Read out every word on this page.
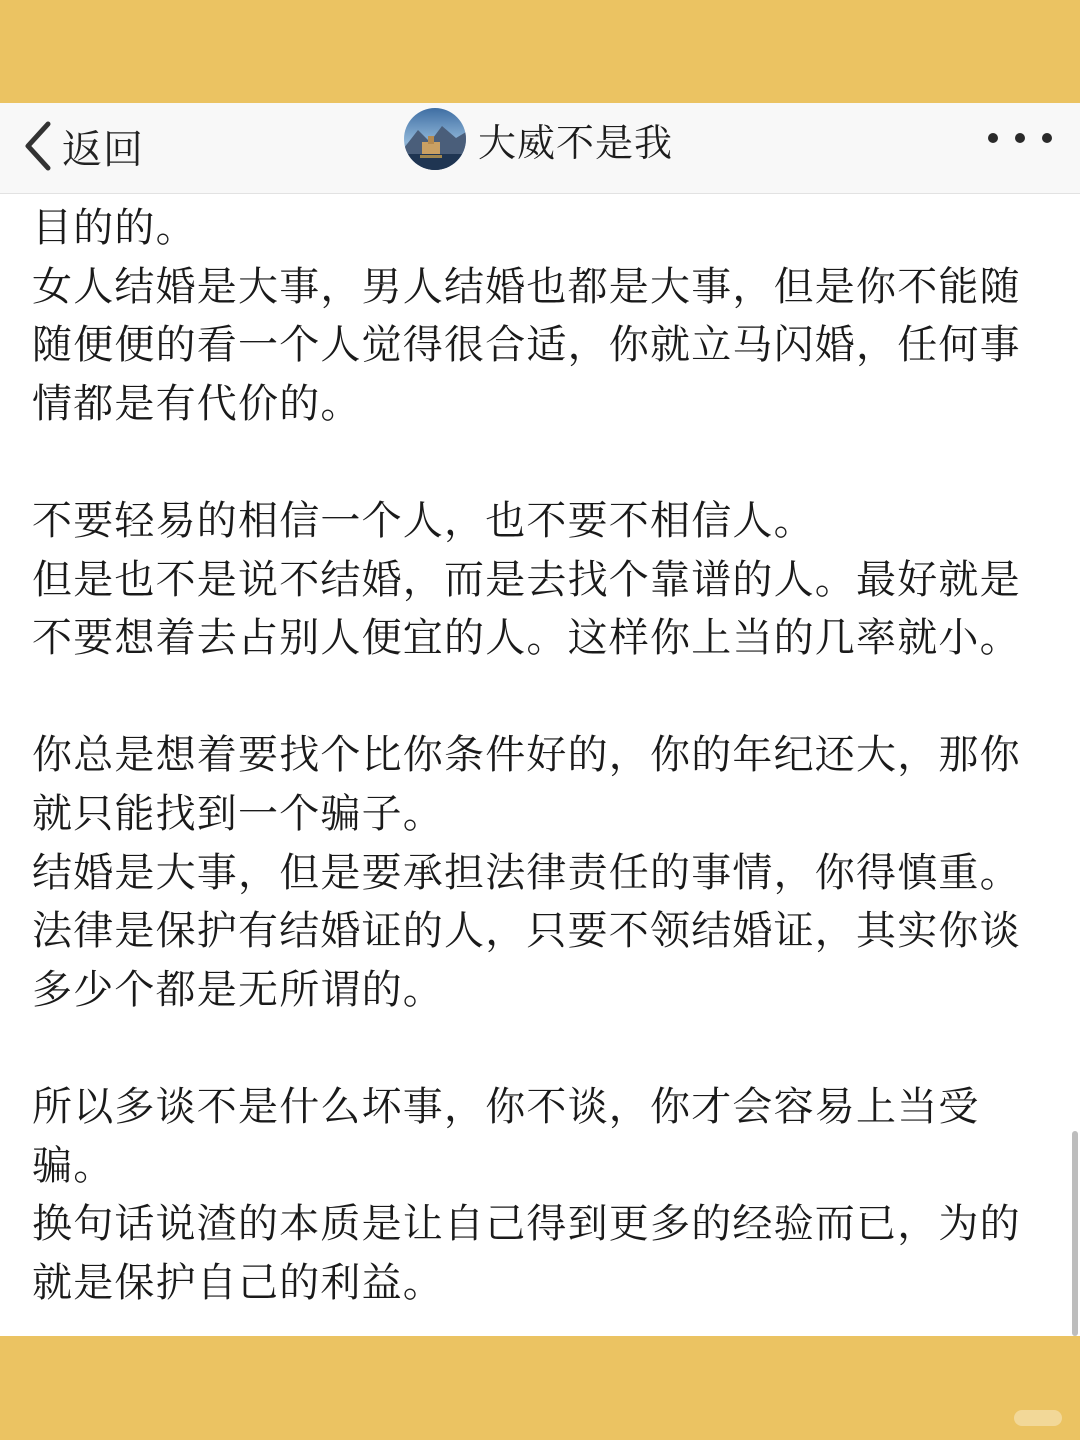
返回	大威不是我

目的的。

女人结婚是大事，男人结婚也都是大事，但是你不能随随便便的看一个人觉得很合适，你就立马闪婚，任何事情都是有代价的。

不要轻易的相信一个人，也不要不相信人。

但是也不是说不结婚，而是去找个靠谱的人。最好就是不要想着去占别人便宜的人。这样你上当的几率就小。

你总是想着要找个比你条件好的，你的年纪还大，那你就只能找到一个骗子。

结婚是大事，但是要承担法律责任的事情，你得慎重。

法律是保护有结婚证的人，只要不领结婚证，其实你谈多少个都是无所谓的。

所以多谈不是什么坏事，你不谈，你才会容易上当受骗。

换句话说渣的本质是让自己得到更多的经验而已，为的就是保护自己的利益。
